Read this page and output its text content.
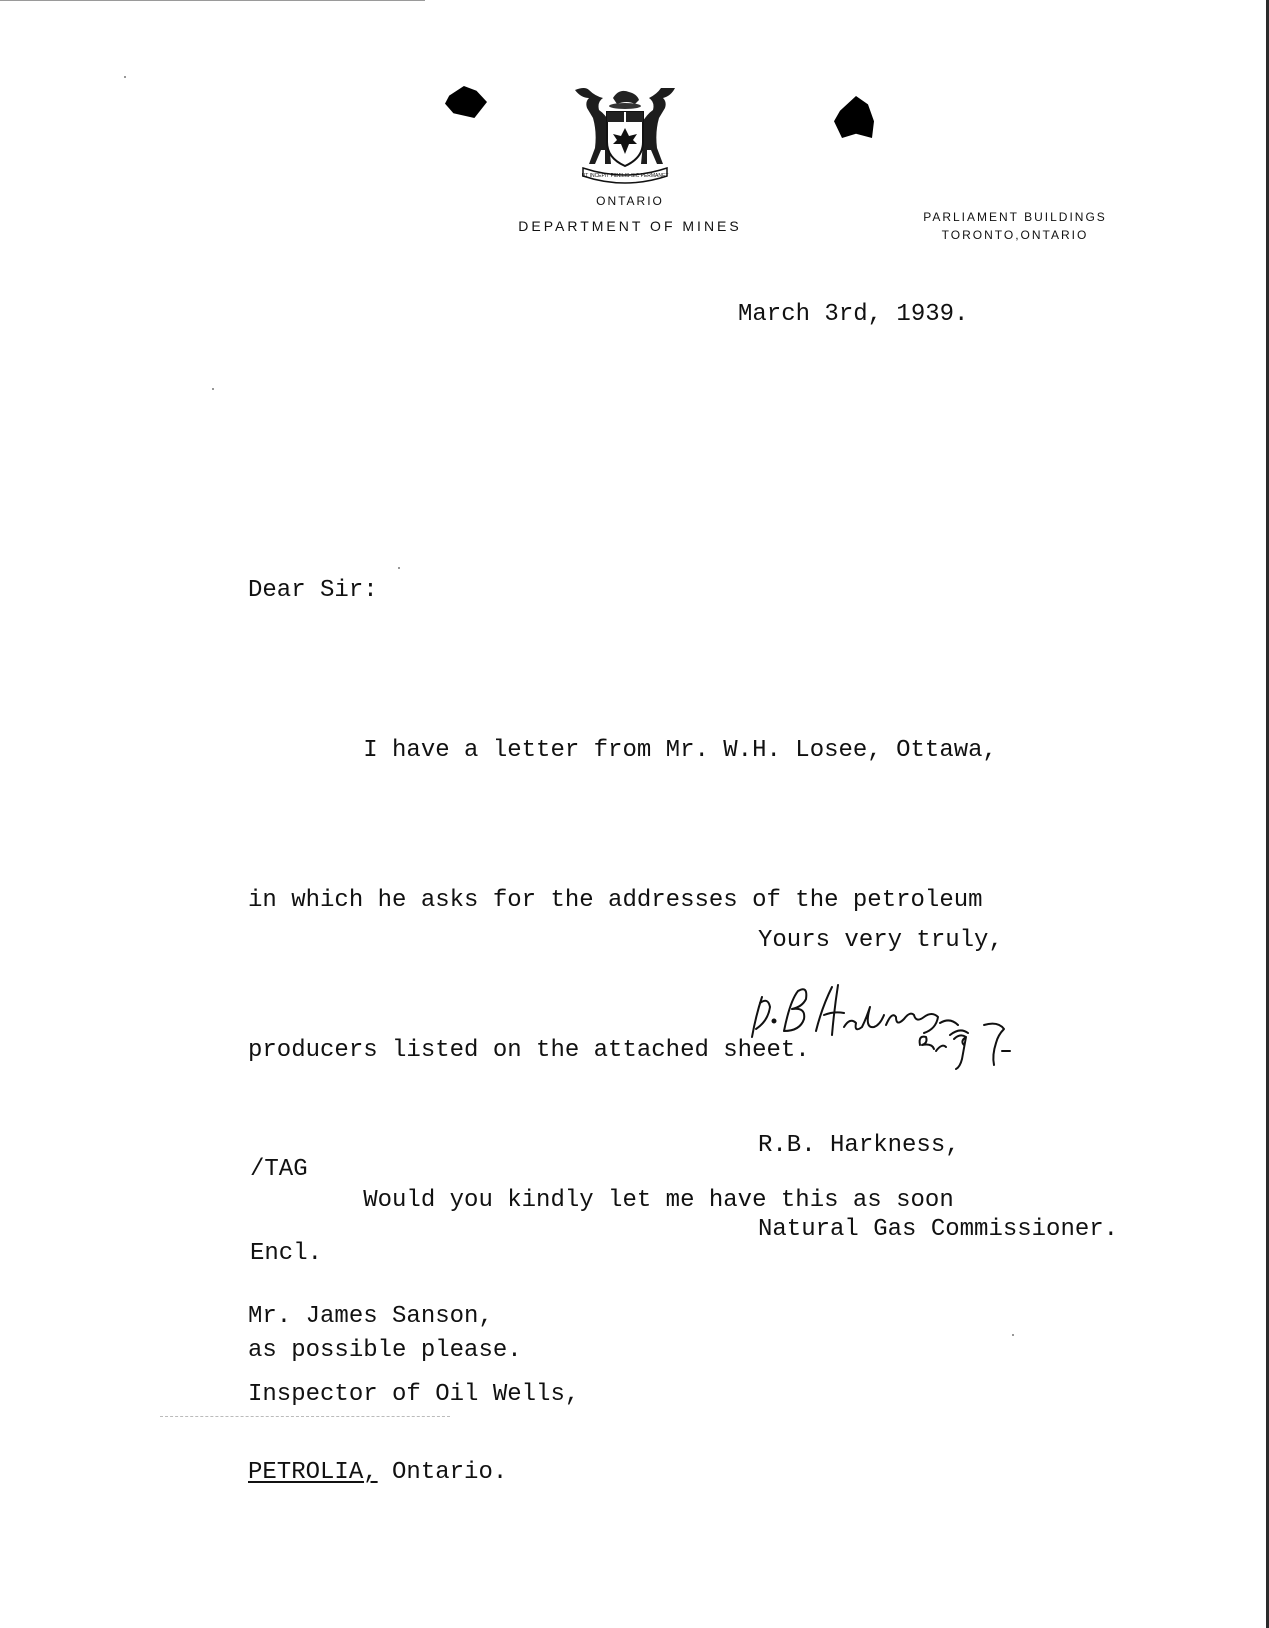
UT INCEPIT FIDELIS SIC PERMANET
ONTARIO
DEPARTMENT OF MINES
PARLIAMENT BUILDINGS
TORONTO,ONTARIO
March 3rd, 1939.
Dear Sir:

I have a letter from Mr. W.H. Losee, Ottawa,

in which he asks for the addresses of the petroleum

producers listed on the attached sheet.

Would you kindly let me have this as soon

as possible please.

Yours very truly,

R.B. Harkness,

Natural Gas Commissioner.

/TAG

Encl.

Mr. James Sanson,

Inspector of Oil Wells,

PETROLIA, Ontario.
